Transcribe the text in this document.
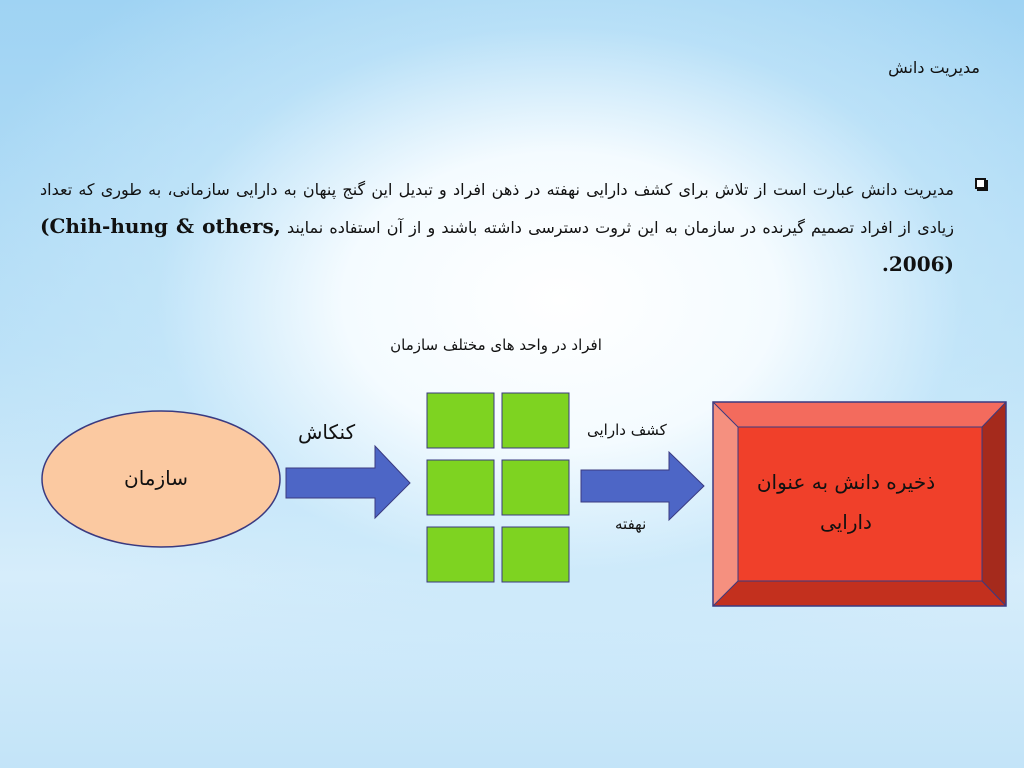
مدیریت دانش
مدیریت دانش عبارت است از تلاش برای کشف دارایی نهفته در ذهن افراد و تبدیل این گنج پنهان به دارایی سازمانی، به طوری که تعداد زیادی از افراد تصمیم گیرنده در سازمان به این ثروت دسترسی داشته باشند و از آن استفاده نمایند (Chih-hung & others, 2006).
افراد در واحد های مختلف سازمان
سازمان
کنکاش	کشف دارایی
نهفته
ذخیره دانش به عنوان دارایی
